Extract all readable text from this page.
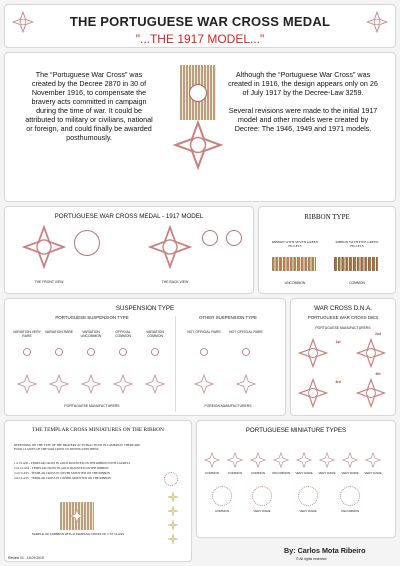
THE PORTUGUESE WAR CROSS MEDAL
"...THE 1917 MODEL..."
The “Portuguese War Cross” was created by the Decree 2870 in 30 of November 1916, to compensate the bravery acts committed in campaign during the time of war. It could be attributed to military or civilians, national or foreign, and could finally be awarded posthumously.
Although the “Portuguese War Cross” was created in 1916, the design appears only on 26 of July 1917 by the Decree-Law 3259.
Several revisions were made to the initial 1917 model and other models were created by Decree: The 1946, 1949 and 1971 models.
PORTUGUESE WAR CROSS MEDAL - 1917 MODEL
THE FRONT VIEW	THE BACK VIEW
RIBBON TYPE
RIBBON WITH SEVEN GREEN FILLETS
RIBBON WITH FIVE GREEN FILLETS
UNCOMMON	COMMON
SUSPENSION TYPE
PORTUGUESE SUSPENSION TYPE	OTHER SUSPENSION TYPE
VARIATION VERY RARE
VARIATION RARE	VARIATION UNCOMMON
OFFICIAL COMMON
VARIATION COMMON
NOT OFFICIAL RARE	NOT OFFICIAL RARE
PORTUGUESE MANUFACTURERS	FOREIGN MANUFACTURERS
WAR CROSS D.N.A.
PORTUGUESE WAR CROSS DIES
PORTUGUESE MANUFACTURERS
1st
2nd
3rd
4th
THE TEMPLAR CROSS MINIATURES ON THE RIBBON
DEPENDING ON THE TYPE OF THE BRAVERY ACTS PRACTICED IN CAMPAIGN, THERE ARE FOUR CLASSES OF THE WAR CROSS TO DISTINGUISH THEM:
1 st CLASS - TEMPLAR CROSS IN GOLD MOUNTED ON THE RIBBON WITH LAURELS
2 nd CLASS - TEMPLAR CROSS IN GOLD MOUNTED ON THE RIBBON
3 rd CLASS - TEMPLAR CROSS IN SILVER MOUNTED ON THE RIBBON
4 th CLASS - TEMPLAR CROSS IN COPPER MOUNTED ON THE RIBBON
SAMPLE OF A RIBBON WITH A TEMPLAR CROSS OF 1 ST CLASS
PORTUGUESE MINIATURE TYPES
COMMON	COMMON	COMMON	UNCOMMON	VERY RARE	VERY RARE	VERY RARE	VERY RARE
COMMON	VERY RARE	VERY RARE	UNCOMMON
By: Carlos Mota Ribeiro
© All rights reserved
Review 01 - 15.09.2019
